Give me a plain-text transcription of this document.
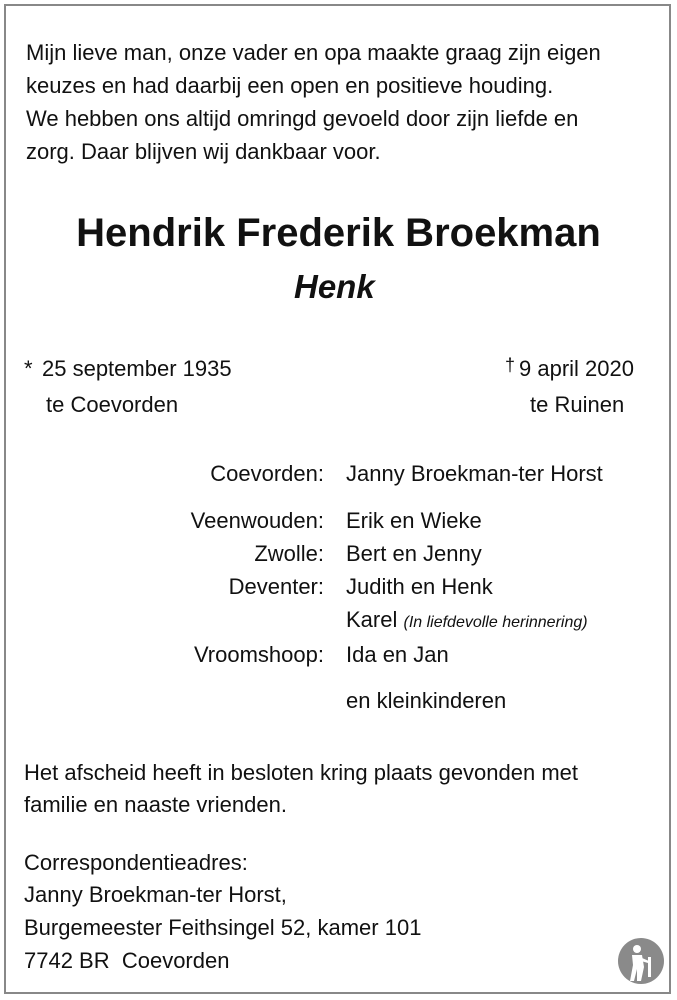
Mijn lieve man, onze vader en opa maakte graag zijn eigen
keuzes en had daarbij een open en positieve houding.
We hebben ons altijd omringd gevoeld door zijn liefde en
zorg. Daar blijven wij dankbaar voor.
Hendrik Frederik Broekman
Henk
* 25 september 1935
te Coevorden
† 9 april 2020
te Ruinen
Coevorden: Janny Broekman-ter Horst
Veenwouden: Erik en Wieke
Zwolle: Bert en Jenny
Deventer: Judith en Henk
Karel (In liefdevolle herinnering)
Vroomshoop: Ida en Jan
en kleinkinderen
Het afscheid heeft in besloten kring plaats gevonden met
familie en naaste vrienden.
Correspondentieadres:
Janny Broekman-ter Horst,
Burgemeester Feithsingel 52, kamer 101
7742 BR  Coevorden
